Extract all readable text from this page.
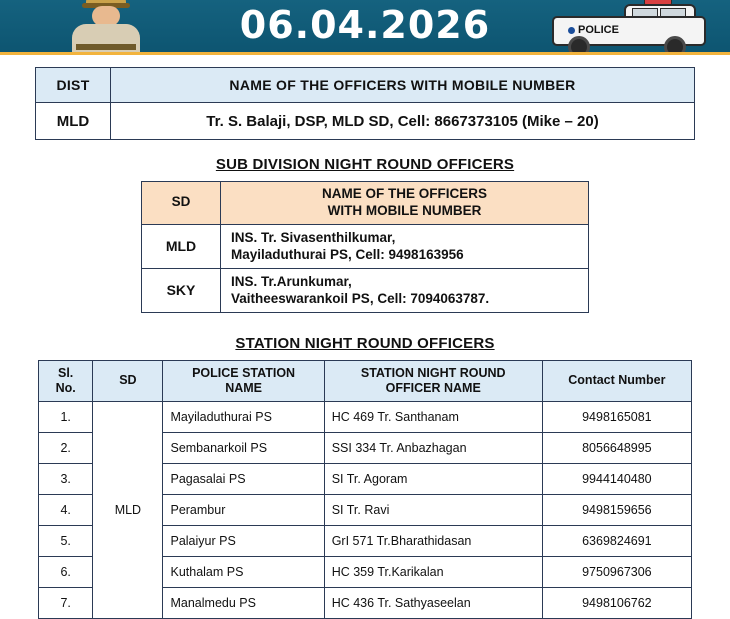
06.04.2026	POLICE
DIST	NAME OF THE OFFICERS WITH MOBILE NUMBER
MLD	Tr. S. Balaji, DSP, MLD SD, Cell: 8667373105 (Mike – 20)
SUB DIVISION NIGHT ROUND OFFICERS
SD	NAME OF THE OFFICERS
WITH MOBILE NUMBER

MLD	INS. Tr. Sivasenthilkumar,
Mayiladuthurai PS, Cell: 9498163956

SKY	INS. Tr.Arunkumar,
Vaitheeswarankoil PS, Cell: 7094063787.
STATION NIGHT ROUND OFFICERS
Sl.
No.
	SD	
POLICE STATION
NAME

STATION NIGHT ROUND
OFFICER NAME
	Contact Number
1.	MLD	Mayiladuthurai PS	HC 469 Tr. Santhanam	9498165081
2.		Sembanarkoil PS	SSI 334 Tr. Anbazhagan	8056648995
3.		Pagasalai PS	SI Tr. Agoram	9944140480
4.		Perambur	SI Tr. Ravi	9498159656
5.		Palaiyur PS	GrI 571 Tr.Bharathidasan	6369824691
6.		Kuthalam PS	HC 359 Tr.Karikalan	9750967306
7.		Manalmedu PS	HC 436 Tr. Sathyaseelan	9498106762
